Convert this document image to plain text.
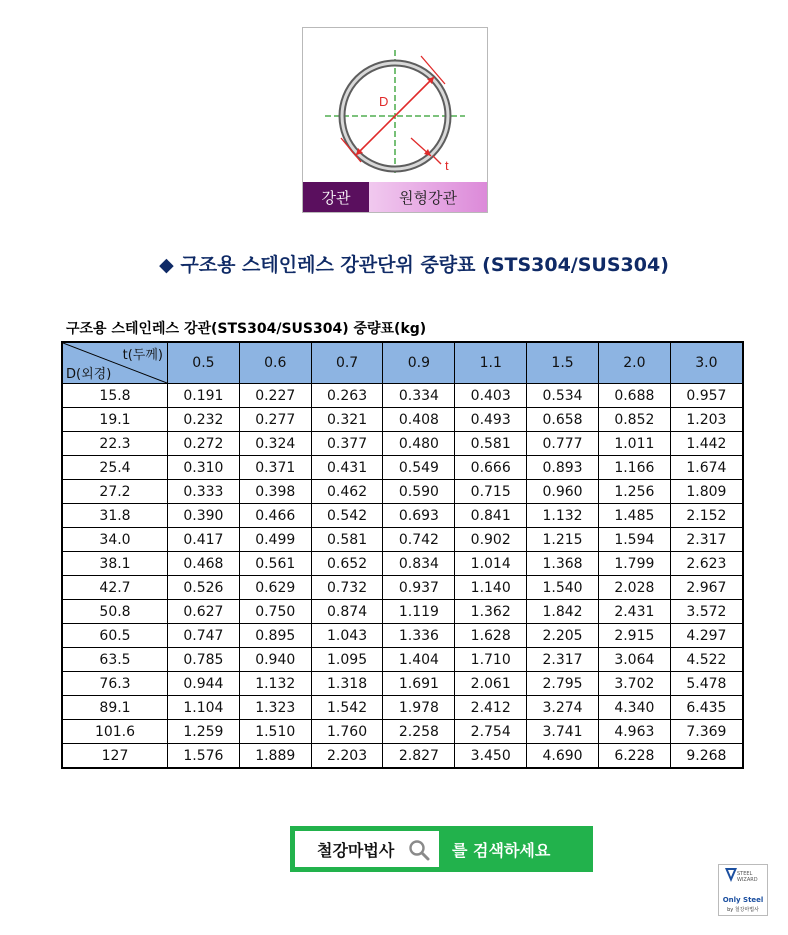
D
t
강관	원형강관
◆ 구조용 스테인레스 강관단위 중량표 (STS304/SUS304)
구조용 스테인레스 강관(STS304/SUS304) 중량표(kg)
t(두께)
D(외경)	0.5	0.6	0.7	0.9	1.1	1.5	2.0	3.0
15.8	0.191	0.227	0.263	0.334	0.403	0.534	0.688	0.957
19.1	0.232	0.277	0.321	0.408	0.493	0.658	0.852	1.203
22.3	0.272	0.324	0.377	0.480	0.581	0.777	1.011	1.442
25.4	0.310	0.371	0.431	0.549	0.666	0.893	1.166	1.674
27.2	0.333	0.398	0.462	0.590	0.715	0.960	1.256	1.809
31.8	0.390	0.466	0.542	0.693	0.841	1.132	1.485	2.152
34.0	0.417	0.499	0.581	0.742	0.902	1.215	1.594	2.317
38.1	0.468	0.561	0.652	0.834	1.014	1.368	1.799	2.623
42.7	0.526	0.629	0.732	0.937	1.140	1.540	2.028	2.967
50.8	0.627	0.750	0.874	1.119	1.362	1.842	2.431	3.572
60.5	0.747	0.895	1.043	1.336	1.628	2.205	2.915	4.297
63.5	0.785	0.940	1.095	1.404	1.710	2.317	3.064	4.522
76.3	0.944	1.132	1.318	1.691	2.061	2.795	3.702	5.478
89.1	1.104	1.323	1.542	1.978	2.412	3.274	4.340	6.435
101.6	1.259	1.510	1.760	2.258	2.754	3.741	4.963	7.369
127	1.576	1.889	2.203	2.827	3.450	4.690	6.228	9.268
철강마법사	를 검색하세요
STEEL
WIZARD
Only Steel
by 철강마법사
